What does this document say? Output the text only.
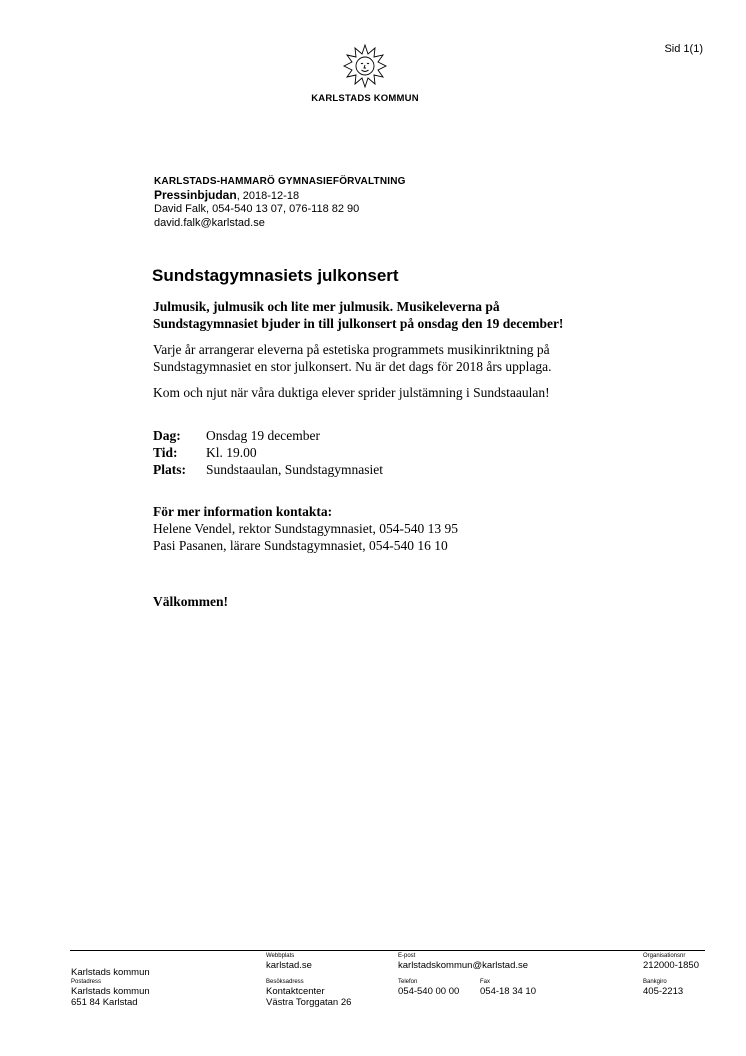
Sid 1(1)
KARLSTADS KOMMUN
KARLSTADS-HAMMARÖ GYMNASIEFÖRVALTNING
Pressinbjudan, 2018-12-18
David Falk, 054-540 13 07, 076-118 82 90
david.falk@karlstad.se
Sundstagymnasiets julkonsert
Julmusik, julmusik och lite mer julmusik. Musikeleverna på
Sundstagymnasiet bjuder in till julkonsert på onsdag den 19 december!
Varje år arrangerar eleverna på estetiska programmets musikinriktning på
Sundstagymnasiet en stor julkonsert. Nu är det dags för 2018 års upplaga.
Kom och njut när våra duktiga elever sprider julstämning i Sundstaaulan!
Dag:	Onsdag 19 december
Tid:	Kl. 19.00
Plats:	Sundstaaulan, Sundstagymnasiet
För mer information kontakta:
Helene Vendel, rektor Sundstagymnasiet, 054-540 13 95
Pasi Pasanen, lärare Sundstagymnasiet, 054-540 16 10
Välkommen!

Karlstads kommun
Webbplats
karlstad.se
E-post
karlstadskommun@karlstad.se
Organisationsnr
212000-1850
Postadress
Karlstads kommun
651 84 Karlstad
Besöksadress
Kontaktcenter
Västra Torggatan 26
Telefon
054-540 00 00
Fax
054-18 34 10
Bankgiro
405-2213
